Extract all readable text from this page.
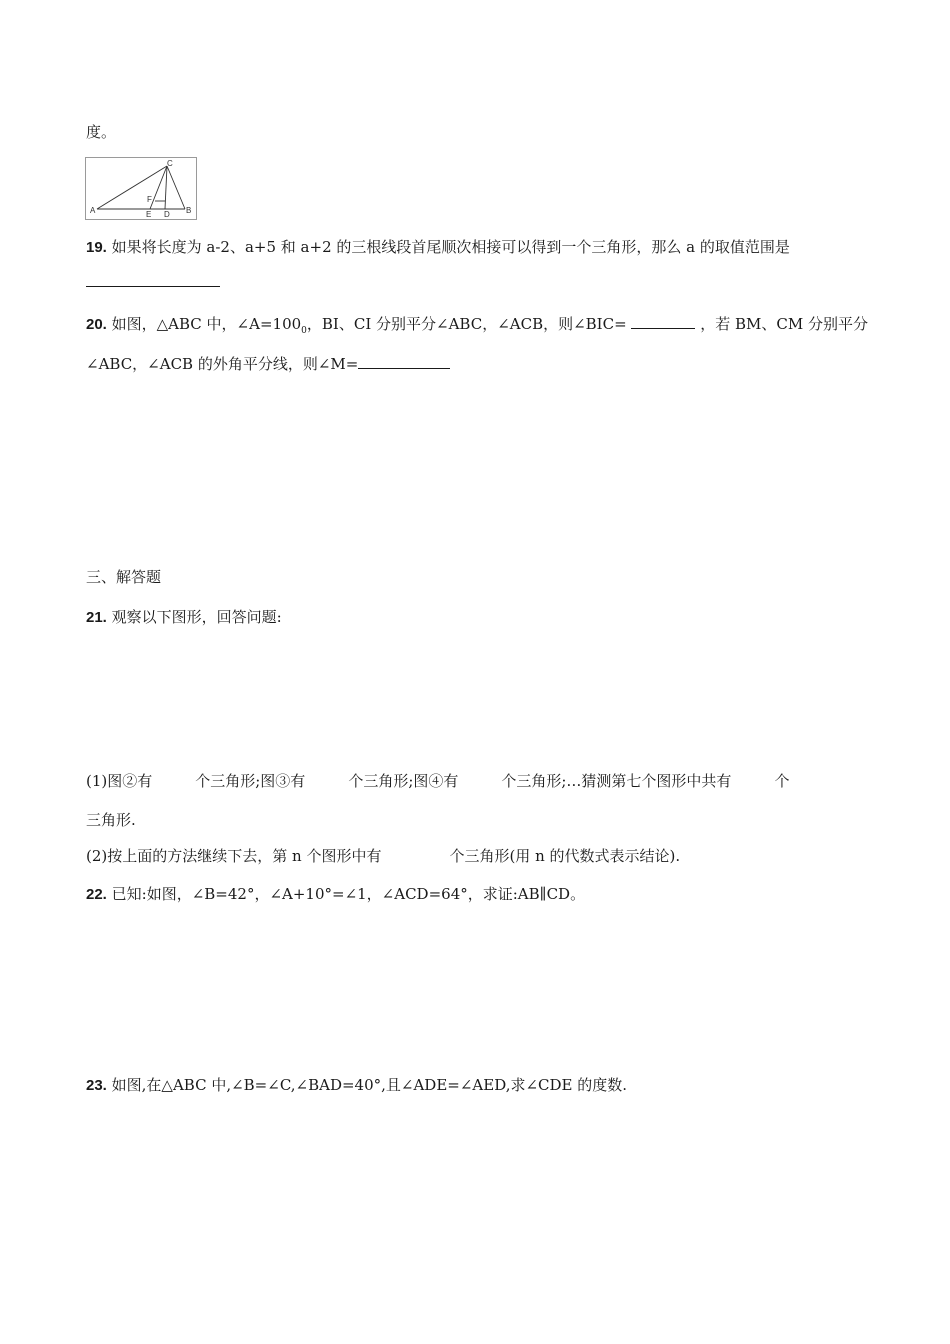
度。
C
A	B
E D
F
19. 如果将长度为 a-2、a+5 和 a+2 的三根线段首尾顺次相接可以得到一个三角形，那么 a 的取值范围是
20. 如图，△ABC 中，$\angle A=100_0$，BI、CI 分别平分∠ABC，∠ACB，则∠BIC=	，若 BM、CM 分别平分
∠ABC，∠ACB 的外角平分线，则∠M=
三、解答题
21. 观察以下图形，回答问题:
(1)图②有	个三角形;图③有	个三角形;图④有	个三角形;…猜测第七个图形中共有	个
三角形.
(2)按上面的方法继续下去，第 n 个图形中有	个三角形(用 n 的代数式表示结论).
22. 已知:如图，∠B=42°，∠A+10°=∠1，∠ACD=64°，求证:AB∥CD。
23. 如图,在△ABC 中,∠B=∠C,∠BAD=40°,且∠ADE=∠AED,求∠CDE 的度数.
